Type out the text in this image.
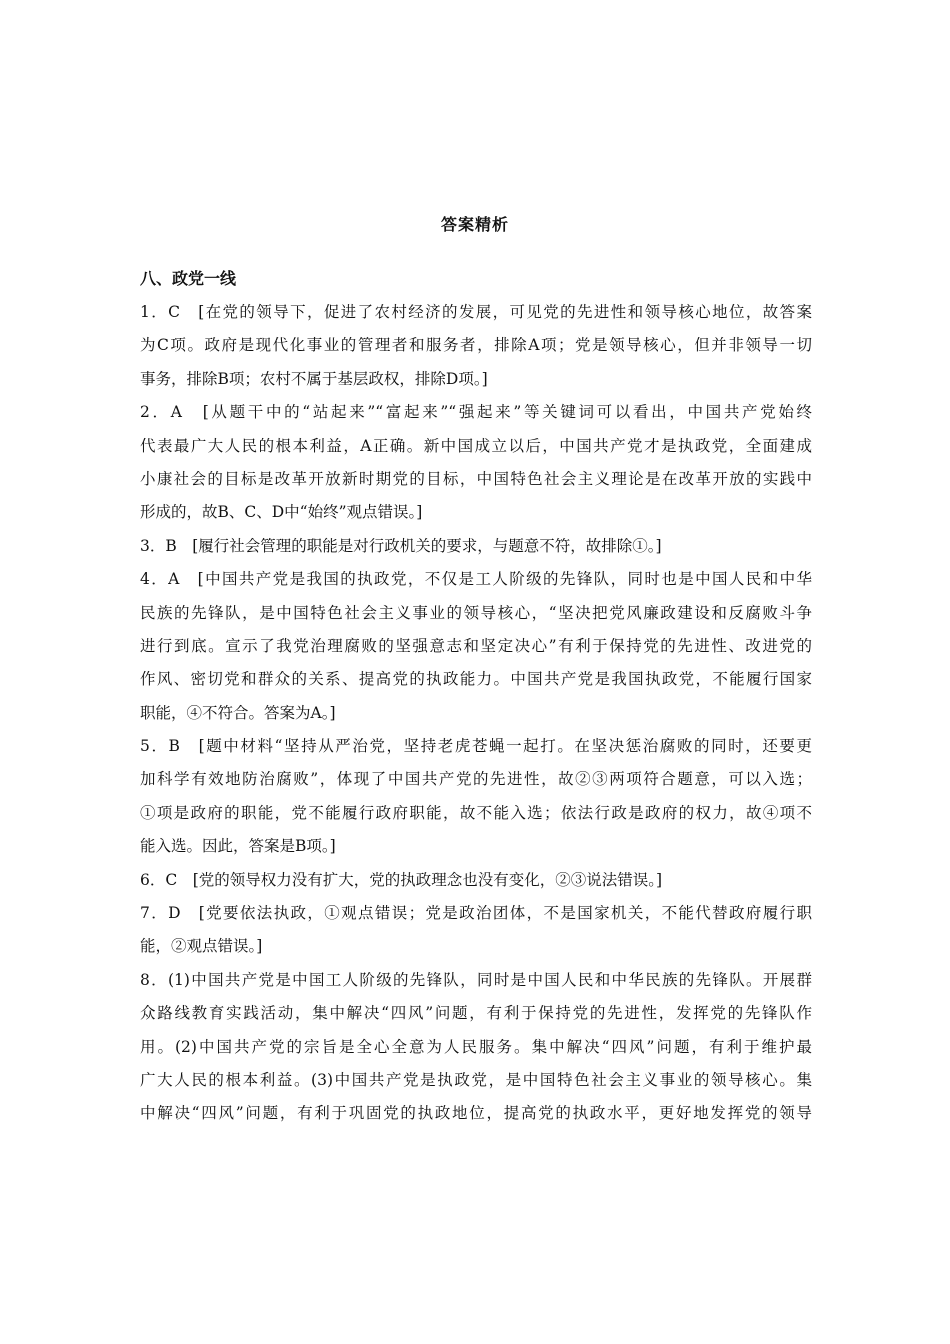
答案精析
八、政党一线
1．C　[在党的领导下，促进了农村经济的发展，可见党的先进性和领导核心地位，故答案
为C项。政府是现代化事业的管理者和服务者，排除A项；党是领导核心，但并非领导一切
事务，排除B项；农村不属于基层政权，排除D项。]
2．A　[从题干中的“站起来”“富起来”“强起来”等关键词可以看出，中国共产党始终
代表最广大人民的根本利益，A正确。新中国成立以后，中国共产党才是执政党，全面建成
小康社会的目标是改革开放新时期党的目标，中国特色社会主义理论是在改革开放的实践中
形成的，故B、C、D中“始终”观点错误。]
3．B　[履行社会管理的职能是对行政机关的要求，与题意不符，故排除①。]
4．A　[中国共产党是我国的执政党，不仅是工人阶级的先锋队，同时也是中国人民和中华
民族的先锋队，是中国特色社会主义事业的领导核心，“坚决把党风廉政建设和反腐败斗争
进行到底。宣示了我党治理腐败的坚强意志和坚定决心”有利于保持党的先进性、改进党的
作风、密切党和群众的关系、提高党的执政能力。中国共产党是我国执政党，不能履行国家
职能，④不符合。答案为A。]
5．B　[题中材料“坚持从严治党，坚持老虎苍蝇一起打。在坚决惩治腐败的同时，还要更
加科学有效地防治腐败”，体现了中国共产党的先进性，故②③两项符合题意，可以入选；
①项是政府的职能，党不能履行政府职能，故不能入选；依法行政是政府的权力，故④项不
能入选。因此，答案是B项。]
6．C　[党的领导权力没有扩大，党的执政理念也没有变化，②③说法错误。]
7．D　[党要依法执政，①观点错误；党是政治团体，不是国家机关，不能代替政府履行职
能，②观点错误。]
8．(1)中国共产党是中国工人阶级的先锋队，同时是中国人民和中华民族的先锋队。开展群
众路线教育实践活动，集中解决“四风”问题，有利于保持党的先进性，发挥党的先锋队作
用。(2)中国共产党的宗旨是全心全意为人民服务。集中解决“四风”问题，有利于维护最
广大人民的根本利益。(3)中国共产党是执政党，是中国特色社会主义事业的领导核心。集
中解决“四风”问题，有利于巩固党的执政地位，提高党的执政水平，更好地发挥党的领导
